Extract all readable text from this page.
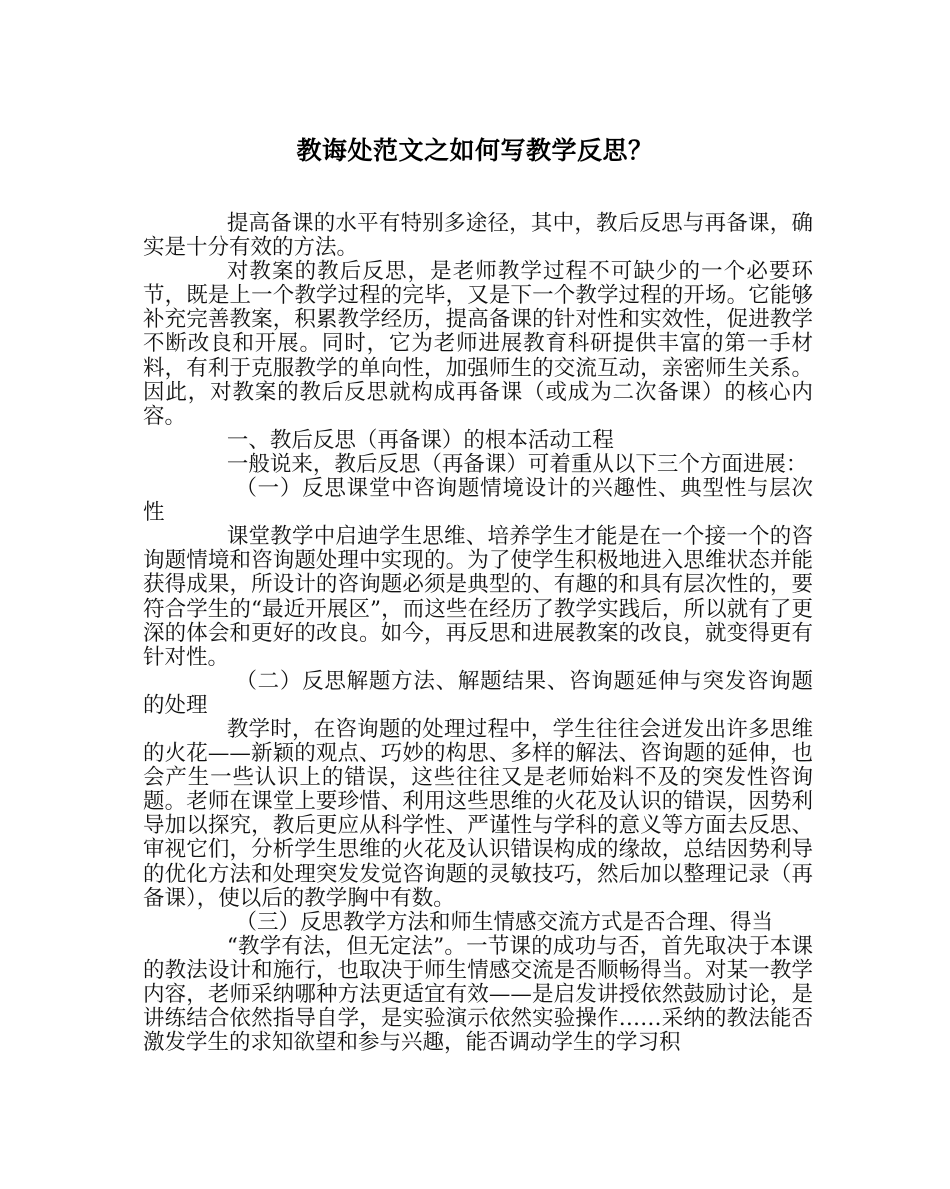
教诲处范文之如何写教学反思？

提高备课的水平有特别多途径，其中，教后反思与再备课，确实是十分有效的方法。

对教案的教后反思，是老师教学过程不可缺少的一个必要环节，既是上一个教学过程的完毕，又是下一个教学过程的开场。它能够补充完善教案，积累教学经历，提高备课的针对性和实效性，促进教学不断改良和开展。同时，它为老师进展教育科研提供丰富的第一手材料，有利于克服教学的单向性，加强师生的交流互动，亲密师生关系。因此，对教案的教后反思就构成再备课（或成为二次备课）的核心内容。

一、教后反思（再备课）的根本活动工程

一般说来，教后反思（再备课）可着重从以下三个方面进展：

（一）反思课堂中咨询题情境设计的兴趣性、典型性与层次性

课堂教学中启迪学生思维、培养学生才能是在一个接一个的咨询题情境和咨询题处理中实现的。为了使学生积极地进入思维状态并能获得成果，所设计的咨询题必须是典型的、有趣的和具有层次性的，要符合学生的“最近开展区”，而这些在经历了教学实践后，所以就有了更深的体会和更好的改良。如今，再反思和进展教案的改良，就变得更有针对性。

（二）反思解题方法、解题结果、咨询题延伸与突发咨询题的处理

教学时，在咨询题的处理过程中，学生往往会迸发出许多思维的火花——新颖的观点、巧妙的构思、多样的解法、咨询题的延伸，也会产生一些认识上的错误，这些往往又是老师始料不及的突发性咨询题。老师在课堂上要珍惜、利用这些思维的火花及认识的错误，因势利导加以探究，教后更应从科学性、严谨性与学科的意义等方面去反思、审视它们，分析学生思维的火花及认识错误构成的缘故，总结因势利导的优化方法和处理突发发觉咨询题的灵敏技巧，然后加以整理记录（再备课），使以后的教学胸中有数。

（三）反思教学方法和师生情感交流方式是否合理、得当

“教学有法，但无定法”。一节课的成功与否，首先取决于本课的教法设计和施行，也取决于师生情感交流是否顺畅得当。对某一教学内容，老师采纳哪种方法更适宜有效——是启发讲授依然鼓励讨论，是讲练结合依然指导自学，是实验演示依然实验操作……采纳的教法能否激发学生的求知欲望和参与兴趣，能否调动学生的学习积
